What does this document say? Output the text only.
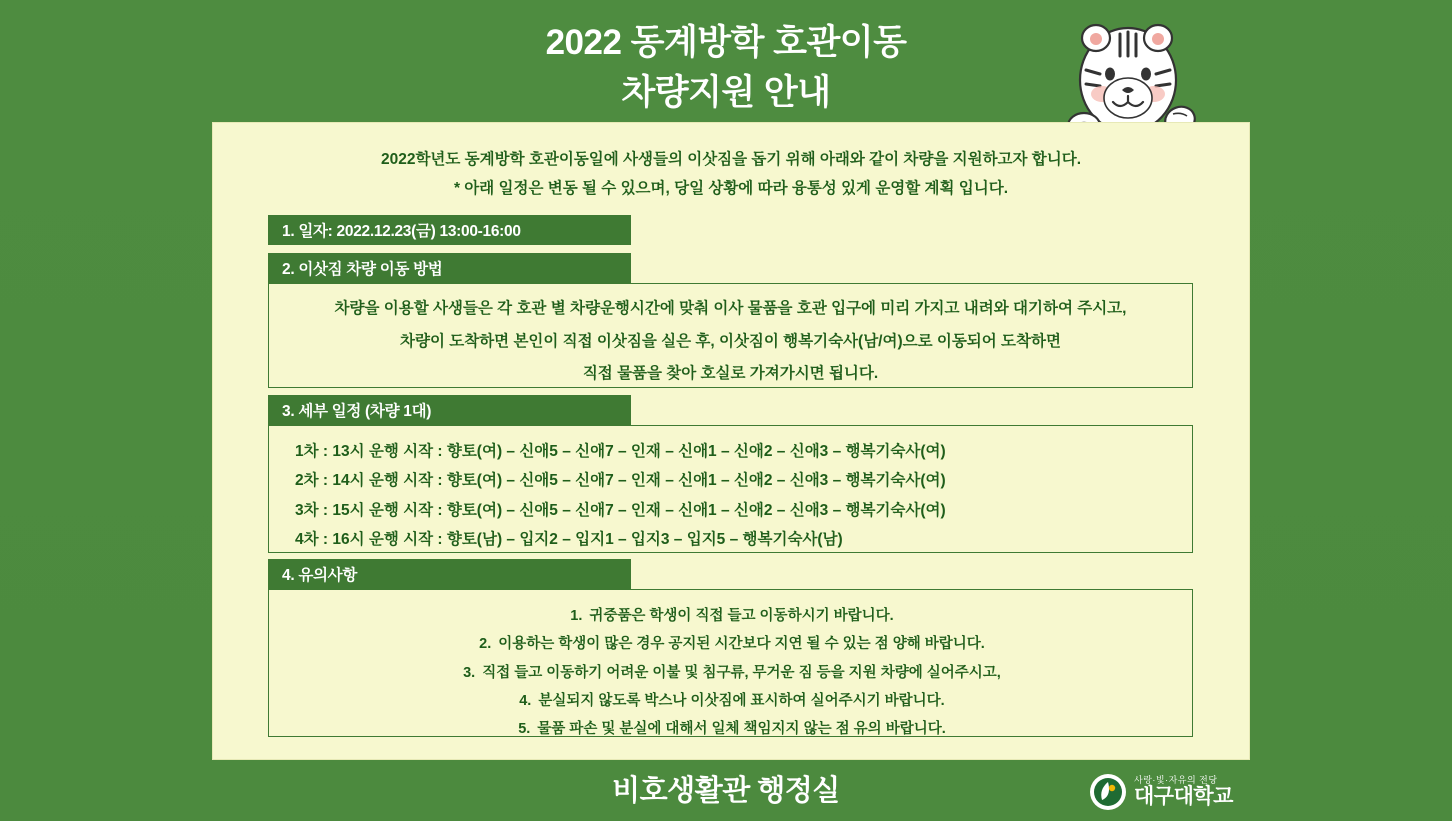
2022 동계방학 호관이동
차량지원 안내
2022학년도 동계방학 호관이동일에 사생들의 이삿짐을 돕기 위해 아래와 같이 차량을 지원하고자 합니다.
* 아래 일정은 변동 될 수 있으며, 당일 상황에 따라 융통성 있게 운영할 계획 입니다.
1. 일자: 2022.12.23(금) 13:00-16:00
2. 이삿짐 차량 이동 방법
차량을 이용할 사생들은 각 호관 별 차량운행시간에 맞춰 이사 물품을 호관 입구에 미리 가지고 내려와 대기하여 주시고,
차량이 도착하면 본인이 직접 이삿짐을 실은 후, 이삿짐이 행복기숙사(남/여)으로 이동되어 도착하면
직접 물품을 찾아 호실로 가져가시면 됩니다.
3. 세부 일정 (차량 1대)
1차 : 13시 운행 시작 : 향토(여) – 신애5 – 신애7 – 인재 – 신애1 – 신애2 – 신애3 – 행복기숙사(여)
2차 : 14시 운행 시작 : 향토(여) – 신애5 – 신애7 – 인재 – 신애1 – 신애2 – 신애3 – 행복기숙사(여)
3차 : 15시 운행 시작 : 향토(여) – 신애5 – 신애7 – 인재 – 신애1 – 신애2 – 신애3 – 행복기숙사(여)
4차 : 16시 운행 시작 : 향토(남) – 입지2 – 입지1 – 입지3 – 입지5 – 행복기숙사(남)
4. 유의사항
1. 귀중품은 학생이 직접 들고 이동하시기 바랍니다.
2. 이용하는 학생이 많은 경우 공지된 시간보다 지연 될 수 있는 점 양해 바랍니다.
3. 직접 들고 이동하기 어려운 이불 및 침구류, 무거운 짐 등을 지원 차량에 실어주시고,
4. 분실되지 않도록 박스나 이삿짐에 표시하여 실어주시기 바랍니다.
5. 물품 파손 및 분실에 대해서 일체 책임지지 않는 점 유의 바랍니다.
비호생활관 행정실	사랑·빛·자유의 전당
대구대학교
